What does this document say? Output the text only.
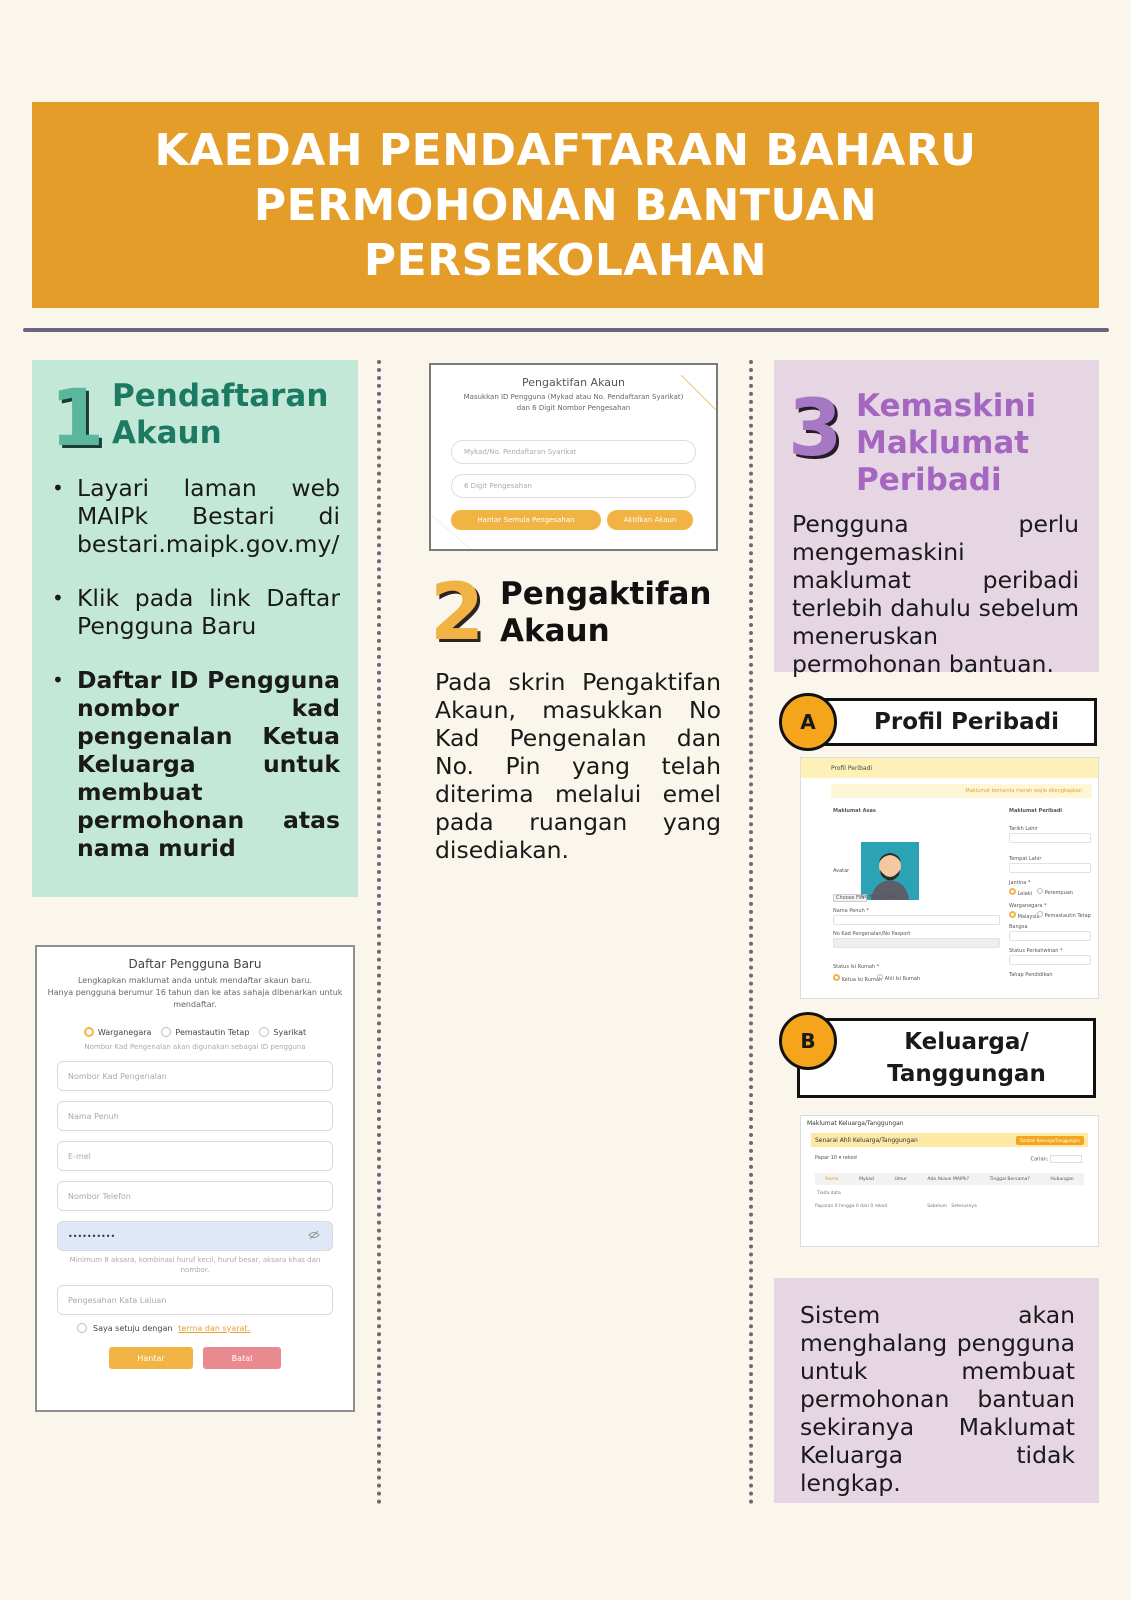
KAEDAH PENDAFTARAN BAHARU PERMOHONAN BANTUAN PERSEKOLAHAN
1 Pendaftaran Akaun
• Layari laman web MAIPk Bestari di bestari.maipk.gov.my/
• Klik pada link Daftar Pengguna Baru
• Daftar ID Pengguna nombor kad pengenalan Ketua Keluarga untuk membuat permohonan atas nama murid
Daftar Pengguna Baru
Lengkapkan maklumat anda untuk mendaftar akaun baru.
Hanya pengguna berumur 16 tahun dan ke atas sahaja dibenarkan untuk mendaftar.
Warganegara	Pemastautin Tetap	Syarikat
Nombor Kad Pengenalan akan digunakan sebagai ID pengguna
Nombor Kad Pengenalan
Nama Penuh
E-mel
Nombor Telefon
••••••••••
Minimum 8 aksara, kombinasi huruf kecil, huruf besar, aksara khas dan nombor.
Pengesahan Kata Laluan
Saya setuju dengan terma dan syarat.
Hantar	Batal
Pengaktifan Akaun
Masukkan ID Pengguna (Mykad atau No. Pendaftaran Syarikat)
dan 6 Digit Nombor Pengesahan
Mykad/No. Pendaftaran Syarikat
6 Digit Pengesahan
Hantar Semula Pengesahan	Aktifkan Akaun
2 Pengaktifan Akaun
Pada skrin Pengaktifan Akaun, masukkan No Kad Pengenalan dan No. Pin yang telah diterima melalui emel pada ruangan yang disediakan.
3 Kemaskini Maklumat Peribadi
Pengguna perlu mengemaskini maklumat peribadi terlebih dahulu sebelum meneruskan permohonan bantuan.
Profil Peribadi
A
Profil Peribadi
Maklumat bertanda merah wajib dilengkapkan
Maklumat Asas	Maklumat Peribadi
Avatar
Choose File
No file chosen
Nama Penuh *
No Kad Pengenalan/No Pasport
Status Isi Rumah *
Ketua Isi Rumah Ahli Isi Rumah
Tarikh Lahir
Tempat Lahir
Jantina *
Lelaki	Perempuan
Warganegara *
Malaysia	Pemastautin Tetap
Bangsa
Status Perkahwinan *
Tahap Pendidikan
Keluarga/ Tanggungan
B
Maklumat Keluarga/Tanggungan
Senarai Ahli Keluarga/Tanggungan	Tambah Keluarga/Tanggungan
Papar 10 ▾ rekod	Carian:
Nama	Mykad	Umur	Ada Akaun MAIPk?	Tinggal Bersama?	Hubungan
Tiada data
Paparan 0 hingga 0 dari 0 rekod	Sebelum Seterusnya
Sistem akan menghalang pengguna untuk membuat permohonan bantuan sekiranya Maklumat Keluarga tidak lengkap.
